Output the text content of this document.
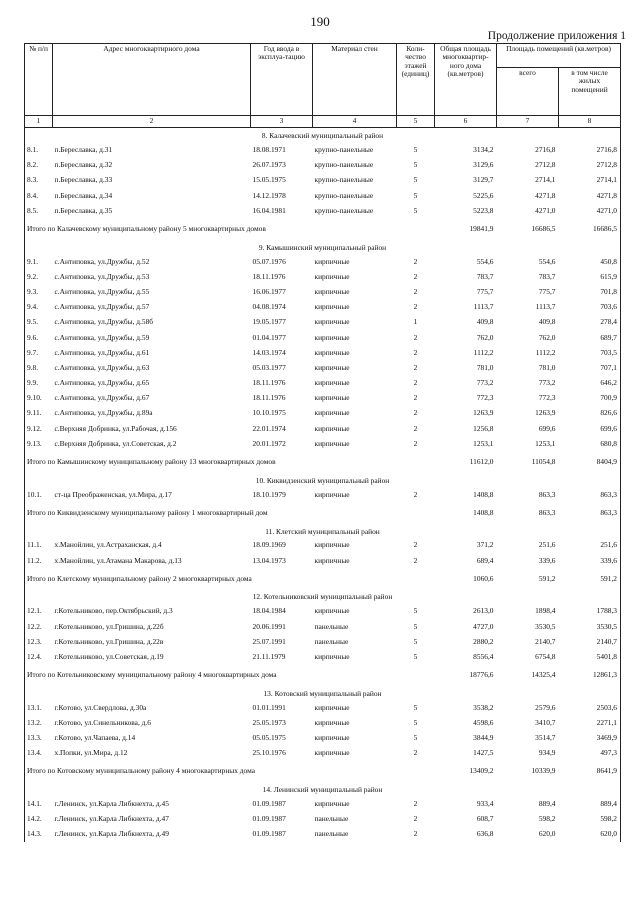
190
Продолжение приложения 1
№ п/п	Адрес многоквартирного дома	Год ввода в эксплуа-тацию	Материал стен	Коли-чество этажей (единиц)	Общая площадь многоквартир-ного дома (кв.метров)	Площадь помещений (кв.метров)	
						всего	в том числе жилых помещений
1	2	3	4	5	6	7	8
8. Калачевский муниципальный район							
8.1.	п.Береславка, д.31	18.08.1971	крупно-панельные	5	3134,2	2716,8	2716,8
8.2.	п.Береславка, д.32	26.07.1973	крупно-панельные	5	3129,6	2712,8	2712,8
8.3.	п.Береславка, д.33	15.05.1975	крупно-панельные	5	3129,7	2714,1	2714,1
8.4.	п.Береславка, д.34	14.12.1978	крупно-панельные	5	5225,6	4271,8	4271,8
8.5.	п.Береславка, д.35	16.04.1981	крупно-панельные	5	5223,8	4271,0	4271,0
Итого по Калачевскому муниципальному району 5 многоквартирных домов					19841,9	16686,5	16686,5
9. Камышинский муниципальный район							
9.1.	с.Антиповка, ул.Дружбы, д.52	05.07.1976	кирпичные	2	554,6	554,6	450,8
9.2.	с.Антиповка, ул.Дружбы, д.53	18.11.1976	кирпичные	2	783,7	783,7	615,9
9.3.	с.Антиповка, ул.Дружбы, д.55	16.06.1977	кирпичные	2	775,7	775,7	701,8
9.4.	с.Антиповка, ул.Дружбы, д.57	04.08.1974	кирпичные	2	1113,7	1113,7	703,6
9.5.	с.Антиповка, ул.Дружбы, д.58б	19.05.1977	кирпичные	1	409,8	409,8	278,4
9.6.	с.Антиповка, ул.Дружбы, д.59	01.04.1977	кирпичные	2	762,0	762,0	689,7
9.7.	с.Антиповка, ул.Дружбы, д.61	14.03.1974	кирпичные	2	1112,2	1112,2	703,5
9.8.	с.Антиповка, ул.Дружбы, д.63	05.03.1977	кирпичные	2	781,0	781,0	707,1
9.9.	с.Антиповка, ул.Дружбы, д.65	18.11.1976	кирпичные	2	773,2	773,2	646,2
9.10.	с.Антиповка, ул.Дружбы, д.67	18.11.1976	кирпичные	2	772,3	772,3	700,9
9.11.	с.Антиповка, ул.Дружбы, д.89а	10.10.1975	кирпичные	2	1263,9	1263,9	826,6
9.12.	с.Верхняя Добринка, ул.Рабочая, д.156	22.01.1974	кирпичные	2	1256,8	699,6	699,6
9.13.	с.Верхняя Добринка, ул.Советская, д.2	20.01.1972	кирпичные	2	1253,1	1253,1	680,8
Итого по Камышинскому муниципальному району 13 многоквартирных домов					11612,0	11054,8	8404,9
10. Киквидзенский муниципальный район							
10.1.	ст-ца Преображенская, ул.Мира, д.17	18.10.1979	кирпичные	2	1408,8	863,3	863,3
Итого по Киквидзенскому муниципальному району 1 многоквартирный дом					1408,8	863,3	863,3
11. Клетский муниципальный район							
11.1.	х.Манойлин, ул.Астраханская, д.4	18.09.1969	кирпичные	2	371,2	251,6	251,6
11.2.	х.Манойлин, ул.Атамана Макарова, д.13	13.04.1973	кирпичные	2	689,4	339,6	339,6
Итого по Клетскому муниципальному району 2 многоквартирных дома					1060,6	591,2	591,2
12. Котельниковский муниципальный район							
12.1.	г.Котельниково, пер.Октябрьский, д.3	18.04.1984	кирпичные	5	2613,0	1898,4	1788,3
12.2.	г.Котельниково, ул.Гришина, д.22б	20.06.1991	панельные	5	4727,0	3530,5	3530,5
12.3.	г.Котельниково, ул.Гришина, д.22в	25.07.1991	панельные	5	2880,2	2140,7	2140,7
12.4.	г.Котельниково, ул.Советская, д.19	21.11.1979	кирпичные	5	8556,4	6754,8	5401,8
Итого по Котельниковскому муниципальному району 4 многоквартирных дома					18776,6	14325,4	12861,3
13. Котовский муниципальный район							
13.1.	г.Котово, ул.Свердлова, д.30а	01.01.1991	кирпичные	5	3538,2	2579,6	2503,6
13.2.	г.Котово, ул.Синельникова, д.6	25.05.1973	кирпичные	5	4598,6	3410,7	2271,1
13.3.	г.Котово, ул.Чапаева, д.14	05.05.1975	кирпичные	5	3844,9	3514,7	3469,9
13.4.	х.Попки, ул.Мира, д.12	25.10.1976	кирпичные	2	1427,5	934,9	497,3
Итого по Котовскому муниципальному району 4 многоквартирных дома					13409,2	10339,9	8641,9
14. Ленинский муниципальный район							
14.1.	г.Ленинск, ул.Карла Либкнехта, д.45	01.09.1987	кирпичные	2	933,4	889,4	889,4
14.2.	г.Ленинск, ул.Карла Либкнехта, д.47	01.09.1987	панельные	2	608,7	598,2	598,2
14.3.	г.Ленинск, ул.Карла Либкнехта, д.49	01.09.1987	панельные	2	636,8	620,0	620,0
